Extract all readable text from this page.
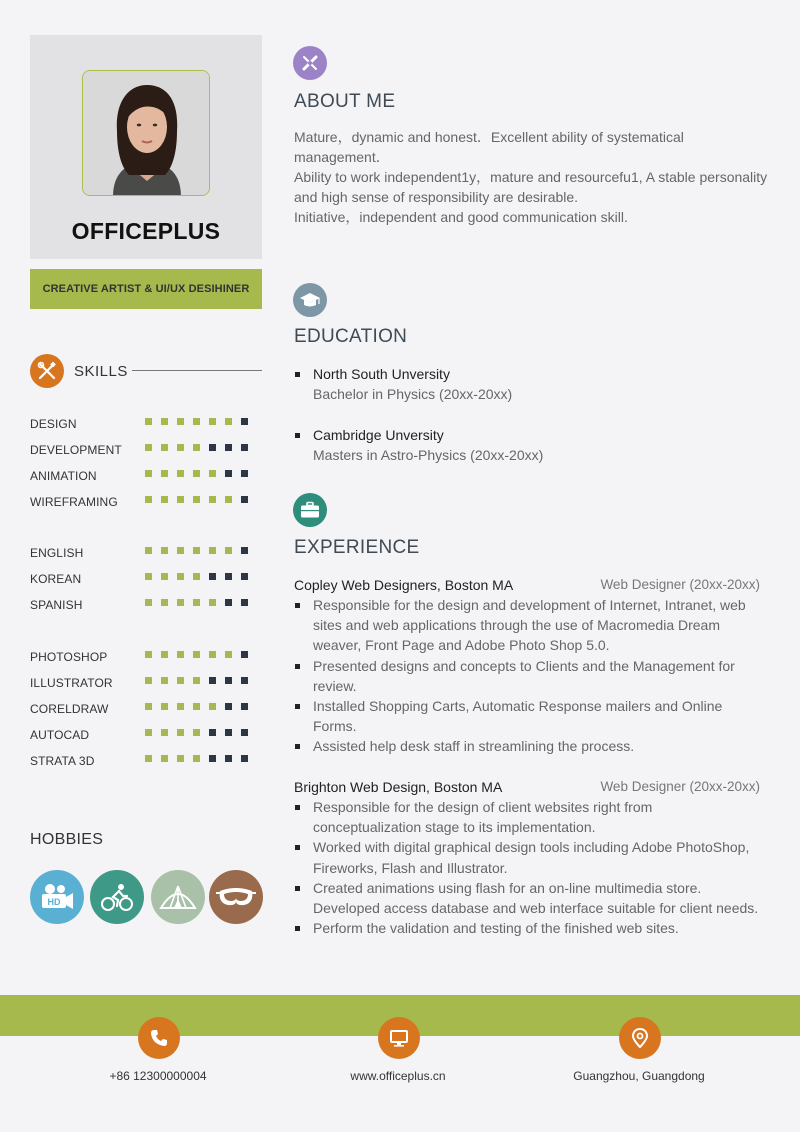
OFFICEPLUS
CREATIVE ARTIST & UI/UX DESIHINER
SKILLS
DESIGN
DEVELOPMENT
ANIMATION
WIREFRAMING
ENGLISH
KOREAN
SPANISH
PHOTOSHOP
ILLUSTRATOR
CORELDRAW
AUTOCAD
STRATA 3D
HOBBIES
HD
ABOUT ME
Mature，dynamic and honest．Excellent ability of systematical management．
Ability to work independent1y，mature and resourcefu1, A stable personality and high sense of responsibility are desirable.
Initiative，independent and good communication skill.
EDUCATION
North South Unversity
Bachelor in Physics (20xx-20xx)
Cambridge Unversity
Masters in Astro-Physics (20xx-20xx)
EXPERIENCE
Copley Web Designers, Boston MA	Web Designer (20xx-20xx)
Responsible for the design and development of Internet, Intranet, web sites and web applications through the use of Macromedia Dream weaver, Front Page and Adobe Photo Shop 5.0.
Presented designs and concepts to Clients and the Management for review.
Installed Shopping Carts, Automatic Response mailers and Online Forms.
Assisted help desk staff in streamlining the process.
Brighton Web Design, Boston MA	Web Designer (20xx-20xx)
Responsible for the design of client websites right from conceptualization stage to its implementation.
Worked with digital graphical design tools including Adobe PhotoShop, Fireworks, Flash and Illustrator.
Created animations using flash for an on-line multimedia store. Developed access database and web interface suitable for client needs.
Perform the validation and testing of the finished web sites.
+86 12300000004	www.officeplus.cn	Guangzhou, Guangdong
